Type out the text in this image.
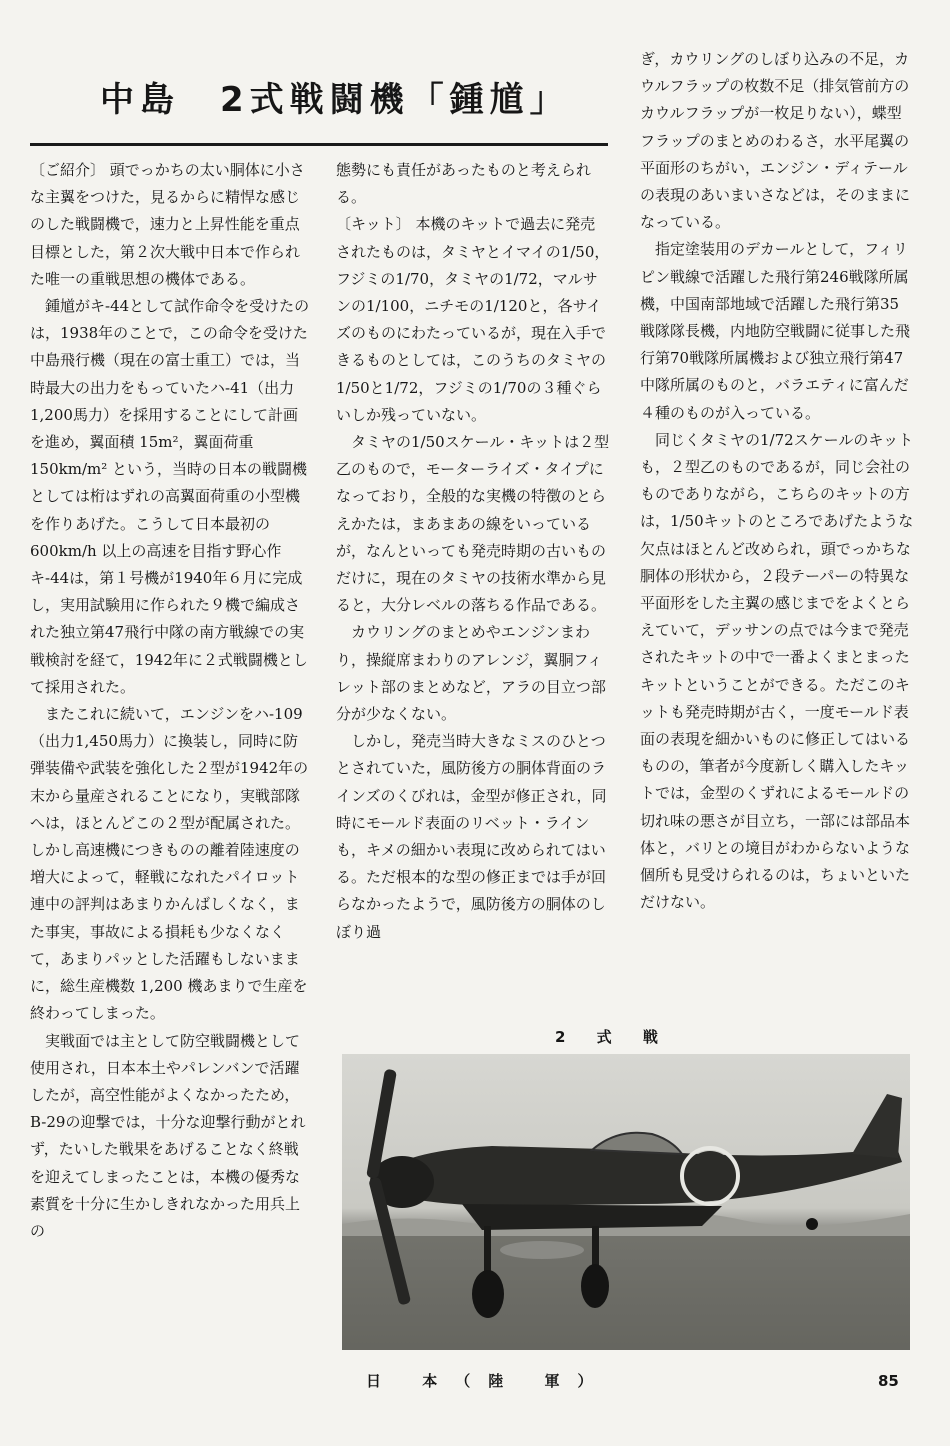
中島　2式戦闘機「鍾馗」

〔ご紹介〕 頭でっかちの太い胴体に小さな主翼をつけた，見るからに精悍な感じのした戦闘機で，速力と上昇性能を重点目標とした，第２次大戦中日本で作られた唯一の重戦思想の機体である。

鍾馗がキ-44として試作命令を受けたのは，1938年のことで，この命令を受けた中島飛行機（現在の富士重工）では，当時最大の出力をもっていたハ-41（出力1,200馬力）を採用することにして計画を進め，翼面積 15m²，翼面荷重 150km/m² という，当時の日本の戦闘機としては桁はずれの高翼面荷重の小型機を作りあげた。こうして日本最初の600km/h 以上の高速を目指す野心作キ-44は，第１号機が1940年６月に完成し，実用試験用に作られた９機で編成された独立第47飛行中隊の南方戦線での実戦検討を経て，1942年に２式戦闘機として採用された。

またこれに続いて，エンジンをハ-109（出力1,450馬力）に換装し，同時に防弾装備や武装を強化した２型が1942年の末から量産されることになり，実戦部隊へは，ほとんどこの２型が配属された。しかし高速機につきものの離着陸速度の増大によって，軽戦になれたパイロット連中の評判はあまりかんばしくなく，また事実，事故による損耗も少なくなくて，あまりパッとした活躍もしないままに，総生産機数 1,200 機あまりで生産を終わってしまった。

実戦面では主として防空戦闘機として使用され，日本本土やパレンバンで活躍したが，高空性能がよくなかったため，B-29の迎撃では，十分な迎撃行動がとれず，たいした戦果をあげることなく終戦を迎えてしまったことは，本機の優秀な素質を十分に生かしきれなかった用兵上の

態勢にも責任があったものと考えられる。

〔キット〕 本機のキットで過去に発売されたものは，タミヤとイマイの1/50，フジミの1/70，タミヤの1/72，マルサンの1/100，ニチモの1/120と，各サイズのものにわたっているが，現在入手できるものとしては，このうちのタミヤの1/50と1/72，フジミの1/70の３種ぐらいしか残っていない。

タミヤの1/50スケール・キットは２型乙のもので，モーターライズ・タイプになっており，全般的な実機の特徴のとらえかたは，まあまあの線をいっているが，なんといっても発売時期の古いものだけに，現在のタミヤの技術水準から見ると，大分レベルの落ちる作品である。

カウリングのまとめやエンジンまわり，操縦席まわりのアレンジ，翼胴フィレット部のまとめなど，アラの目立つ部分が少なくない。

しかし，発売当時大きなミスのひとつとされていた，風防後方の胴体背面のラインズのくびれは，金型が修正され，同時にモールド表面のリベット・ラインも，キメの細かい表現に改められてはいる。ただ根本的な型の修正までは手が回らなかったようで，風防後方の胴体のしぼり過

ぎ，カウリングのしぼり込みの不足，カウルフラップの枚数不足（排気管前方のカウルフラップが一枚足りない），蝶型フラップのまとめのわるさ，水平尾翼の平面形のちがい，エンジン・ディテールの表現のあいまいさなどは，そのままになっている。

指定塗装用のデカールとして，フィリピン戦線で活躍した飛行第246戦隊所属機，中国南部地域で活躍した飛行第35戦隊隊長機，内地防空戦闘に従事した飛行第70戦隊所属機および独立飛行第47中隊所属のものと，バラエティに富んだ４種のものが入っている。

同じくタミヤの1/72スケールのキットも，２型乙のものであるが，同じ会社のものでありながら，こちらのキットの方は，1/50キットのところであげたような欠点はほとんど改められ，頭でっかちな胴体の形状から，２段テーパーの特異な平面形をした主翼の感じまでをよくとらえていて，デッサンの点では今まで発売されたキットの中で一番よくまとまったキットということができる。ただこのキットも発売時期が古く，一度モールド表面の表現を細かいものに修正してはいるものの，筆者が今度新しく購入したキットでは，金型のくずれによるモールドの切れ味の悪さが目立ち，一部には部品本体と，バリとの境目がわからないような個所も見受けられるのは，ちょいといただけない。

2 式 戦
日 本（陸 軍）	85
